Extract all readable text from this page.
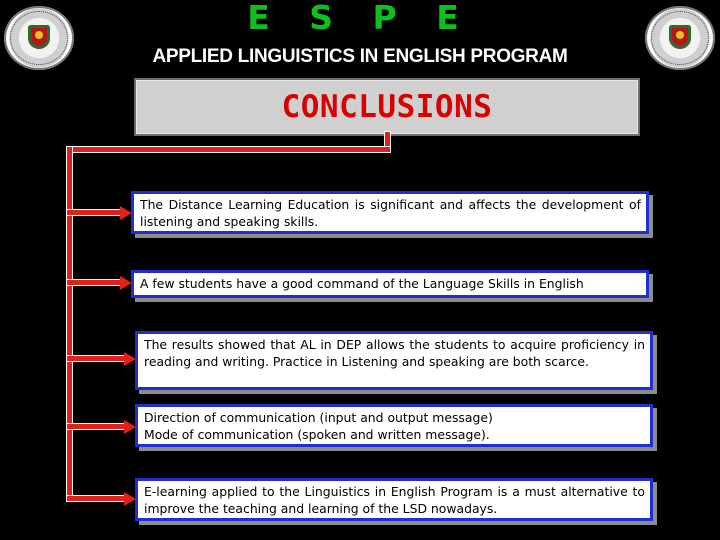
E S P E
APPLIED LINGUISTICS IN ENGLISH PROGRAM
CONCLUSIONS
The Distance Learning Education is significant and affects the development of listening and speaking skills.
A few students have a good command of the Language Skills in English
The results showed that AL in DEP allows the students to acquire proficiency in reading and writing. Practice in Listening and speaking are both scarce.
Direction of communication (input and output message)
Mode of communication (spoken and written message).
E-learning applied to the Linguistics in English Program is a must alternative to improve the teaching and learning of the LSD nowadays.
